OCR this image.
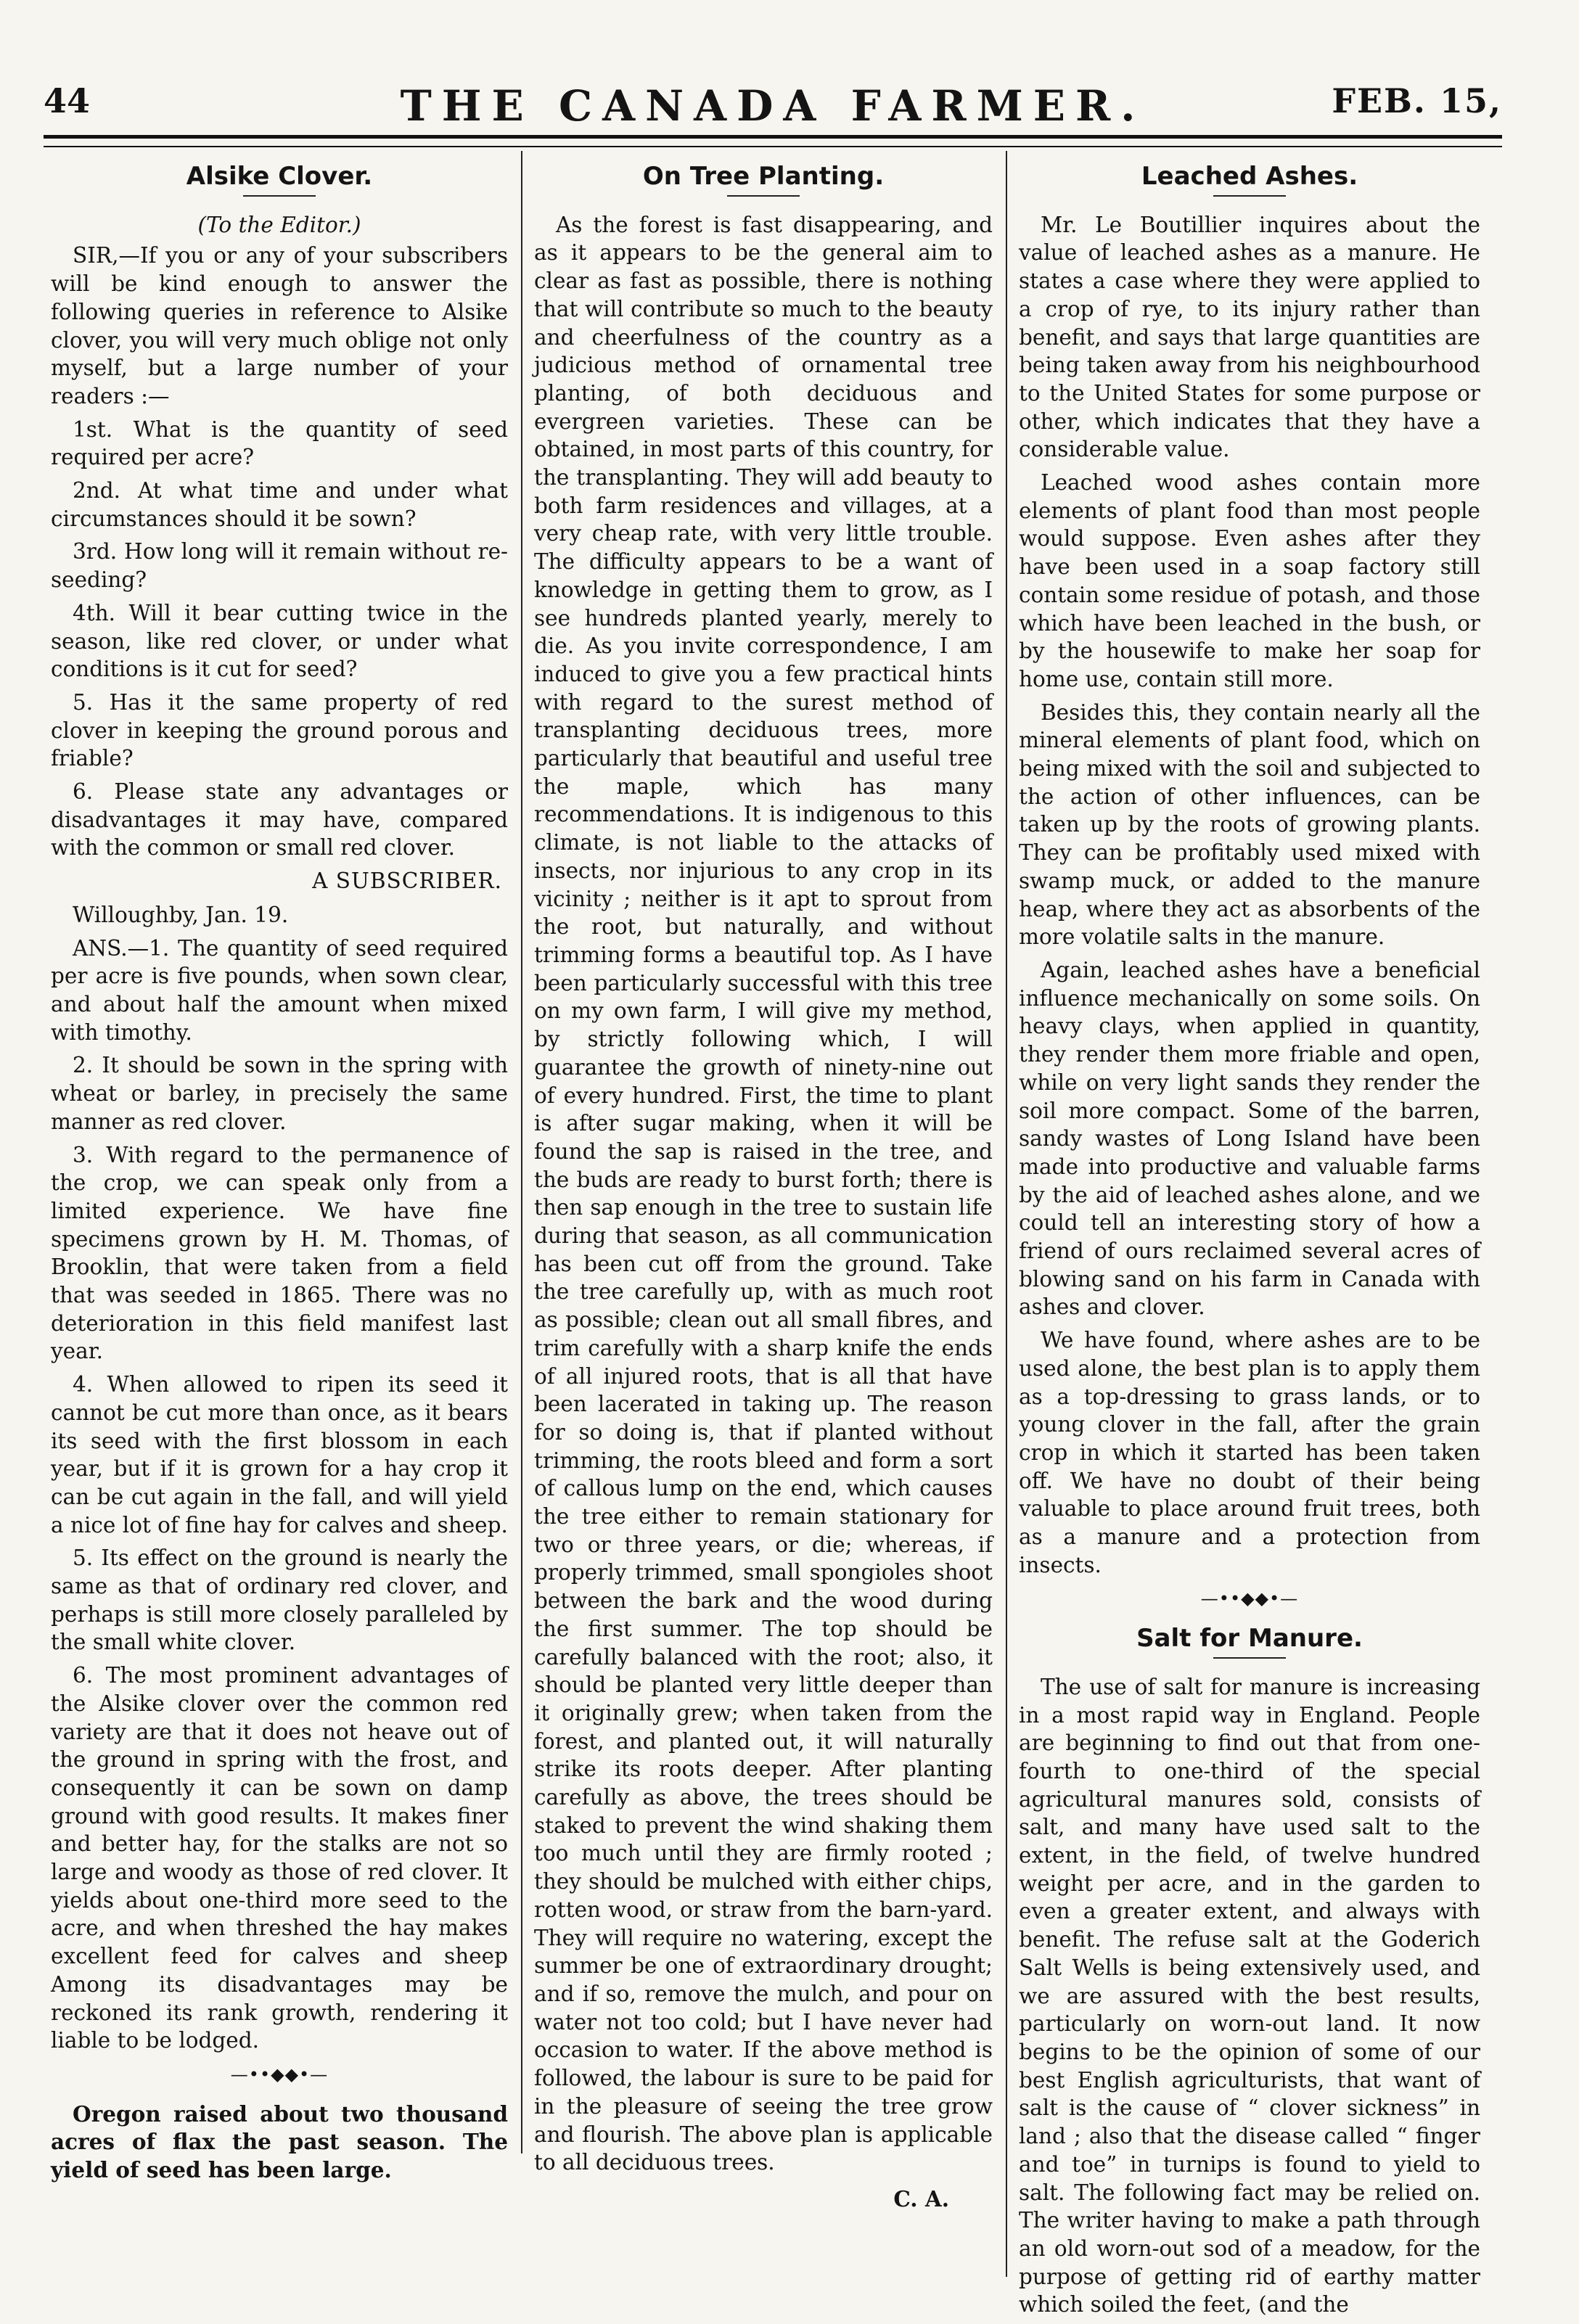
44	THE CANADA FARMER.	FEB. 15,
Alsike Clover.
(To the Editor.)

SIR,—If you or any of your subscribers will be kind enough to answer the following queries in reference to Alsike clover, you will very much oblige not only myself, but a large number of your readers :—

1st. What is the quantity of seed required per acre?

2nd. At what time and under what circumstances should it be sown?

3rd. How long will it remain without re-seeding?

4th. Will it bear cutting twice in the season, like red clover, or under what conditions is it cut for seed?

5. Has it the same property of red clover in keeping the ground porous and friable?

6. Please state any advantages or disadvantages it may have, compared with the common or small red clover.

A SUBSCRIBER.

Willoughby, Jan. 19.

ANS.—1. The quantity of seed required per acre is five pounds, when sown clear, and about half the amount when mixed with timothy.

2. It should be sown in the spring with wheat or barley, in precisely the same manner as red clover.

3. With regard to the permanence of the crop, we can speak only from a limited experience. We have fine specimens grown by H. M. Thomas, of Brooklin, that were taken from a field that was seeded in 1865. There was no deterioration in this field manifest last year.

4. When allowed to ripen its seed it cannot be cut more than once, as it bears its seed with the first blossom in each year, but if it is grown for a hay crop it can be cut again in the fall, and will yield a nice lot of fine hay for calves and sheep.

5. Its effect on the ground is nearly the same as that of ordinary red clover, and perhaps is still more closely paralleled by the small white clover.

6. The most prominent advantages of the Alsike clover over the common red variety are that it does not heave out of the ground in spring with the frost, and consequently it can be sown on damp ground with good results. It makes finer and better hay, for the stalks are not so large and woody as those of red clover. It yields about one-third more seed to the acre, and when threshed the hay makes excellent feed for calves and sheep Among its disadvantages may be reckoned its rank growth, rendering it liable to be lodged.

—••◆◆•—

Oregon raised about two thousand acres of flax the past season. The yield of seed has been large.

On Tree Planting.

As the forest is fast disappearing, and as it appears to be the general aim to clear as fast as possible, there is nothing that will contribute so much to the beauty and cheerfulness of the country as a judicious method of ornamental tree planting, of both deciduous and evergreen varieties. These can be obtained, in most parts of this country, for the transplanting. They will add beauty to both farm residences and villages, at a very cheap rate, with very little trouble. The difficulty appears to be a want of knowledge in getting them to grow, as I see hundreds planted yearly, merely to die. As you invite correspondence, I am induced to give you a few practical hints with regard to the surest method of transplanting deciduous trees, more particularly that beautiful and useful tree the maple, which has many recommendations. It is indigenous to this climate, is not liable to the attacks of insects, nor injurious to any crop in its vicinity ; neither is it apt to sprout from the root, but naturally, and without trimming forms a beautiful top. As I have been particularly successful with this tree on my own farm, I will give my method, by strictly following which, I will guarantee the growth of ninety-nine out of every hundred. First, the time to plant is after sugar making, when it will be found the sap is raised in the tree, and the buds are ready to burst forth; there is then sap enough in the tree to sustain life during that season, as all communication has been cut off from the ground. Take the tree carefully up, with as much root as possible; clean out all small fibres, and trim carefully with a sharp knife the ends of all injured roots, that is all that have been lacerated in taking up. The reason for so doing is, that if planted without trimming, the roots bleed and form a sort of callous lump on the end, which causes the tree either to remain stationary for two or three years, or die; whereas, if properly trimmed, small spongioles shoot between the bark and the wood during the first summer. The top should be carefully balanced with the root; also, it should be planted very little deeper than it originally grew; when taken from the forest, and planted out, it will naturally strike its roots deeper. After planting carefully as above, the trees should be staked to prevent the wind shaking them too much until they are firmly rooted ; they should be mulched with either chips, rotten wood, or straw from the barn-yard. They will require no watering, except the summer be one of extraordinary drought; and if so, remove the mulch, and pour on water not too cold; but I have never had occasion to water. If the above method is followed, the labour is sure to be paid for in the pleasure of seeing the tree grow and flourish. The above plan is applicable to all deciduous trees.

C. A.
Leached Ashes.

Mr. Le Boutillier inquires about the value of leached ashes as a manure. He states a case where they were applied to a crop of rye, to its injury rather than benefit, and says that large quantities are being taken away from his neighbourhood to the United States for some purpose or other, which indicates that they have a considerable value.

Leached wood ashes contain more elements of plant food than most people would suppose. Even ashes after they have been used in a soap factory still contain some residue of potash, and those which have been leached in the bush, or by the housewife to make her soap for home use, contain still more.

Besides this, they contain nearly all the mineral elements of plant food, which on being mixed with the soil and subjected to the action of other influences, can be taken up by the roots of growing plants. They can be profitably used mixed with swamp muck, or added to the manure heap, where they act as absorbents of the more volatile salts in the manure.

Again, leached ashes have a beneficial influence mechanically on some soils. On heavy clays, when applied in quantity, they render them more friable and open, while on very light sands they render the soil more compact. Some of the barren, sandy wastes of Long Island have been made into productive and valuable farms by the aid of leached ashes alone, and we could tell an interesting story of how a friend of ours reclaimed several acres of blowing sand on his farm in Canada with ashes and clover.

We have found, where ashes are to be used alone, the best plan is to apply them as a top-dressing to grass lands, or to young clover in the fall, after the grain crop in which it started has been taken off. We have no doubt of their being valuable to place around fruit trees, both as a manure and a protection from insects.

—••◆◆•—
Salt for Manure.

The use of salt for manure is increasing in a most rapid way in England. People are beginning to find out that from one-fourth to one-third of the special agricultural manures sold, consists of salt, and many have used salt to the extent, in the field, of twelve hundred weight per acre, and in the garden to even a greater extent, and always with benefit. The refuse salt at the Goderich Salt Wells is being extensively used, and we are assured with the best results, particularly on worn-out land. It now begins to be the opinion of some of our best English agriculturists, that want of salt is the cause of “ clover sickness” in land ; also that the disease called “ finger and toe” in turnips is found to yield to salt. The following fact may be relied on. The writer having to make a path through an old worn-out sod of a meadow, for the purpose of getting rid of earthy matter which soiled the feet, (and the
